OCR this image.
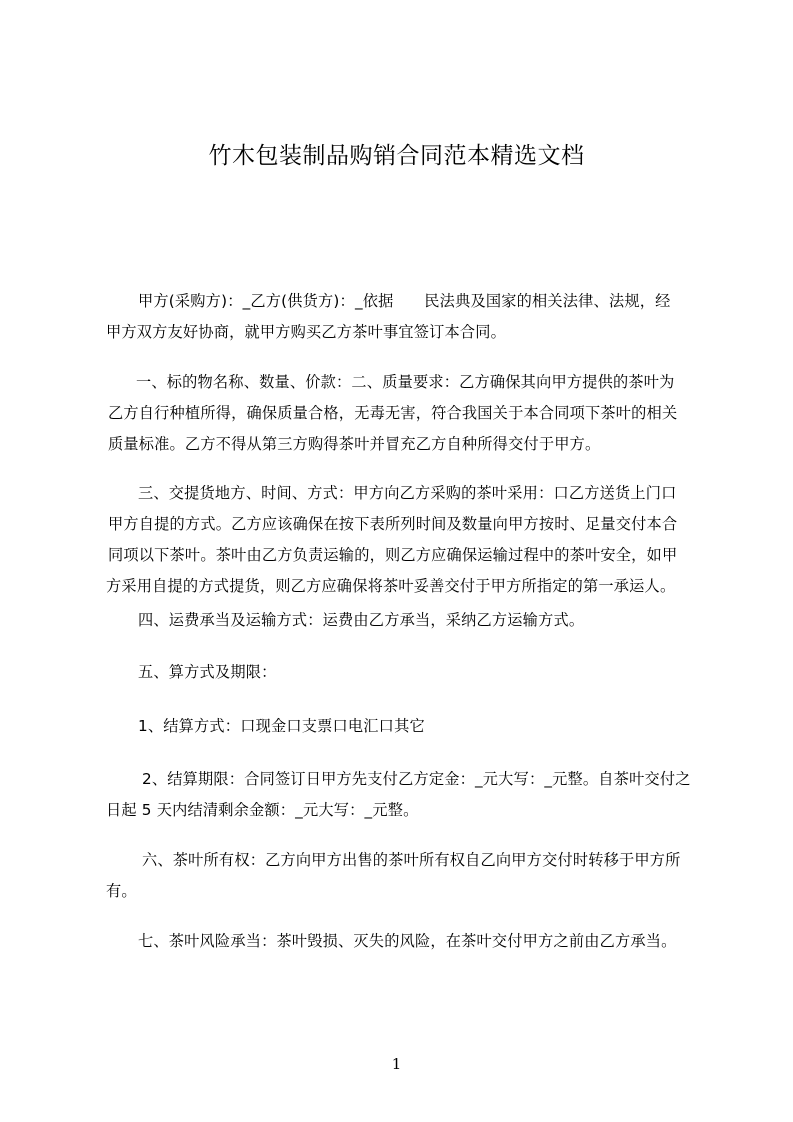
竹木包装制品购销合同范本精选文档
甲方(采购方)：_乙方(供货方)：_依据　　民法典及国家的相关法律、法规，经
甲方双方友好协商，就甲方购买乙方茶叶事宜签订本合同。
一、标的物名称、数量、价款：二、质量要求：乙方确保其向甲方提供的茶叶为
乙方自行种植所得，确保质量合格，无毒无害，符合我国关于本合同项下茶叶的相关
质量标准。乙方不得从第三方购得茶叶并冒充乙方自种所得交付于甲方。
三、交提货地方、时间、方式：甲方向乙方采购的茶叶采用：口乙方送货上门口
甲方自提的方式。乙方应该确保在按下表所列时间及数量向甲方按时、足量交付本合
同项以下茶叶。茶叶由乙方负责运输的，则乙方应确保运输过程中的茶叶安全，如甲
方采用自提的方式提货，则乙方应确保将茶叶妥善交付于甲方所指定的第一承运人。
四、运费承当及运输方式：运费由乙方承当，采纳乙方运输方式。
五、算方式及期限：
1、结算方式：口现金口支票口电汇口其它
2、结算期限：合同签订日甲方先支付乙方定金：_元大写：_元整。自茶叶交付之
日起 5 天内结清剩余金额：_元大写：_元整。
六、茶叶所有权：乙方向甲方出售的茶叶所有权自乙向甲方交付时转移于甲方所
有。
七、茶叶风险承当：茶叶毁损、灭失的风险，在茶叶交付甲方之前由乙方承当。
1
